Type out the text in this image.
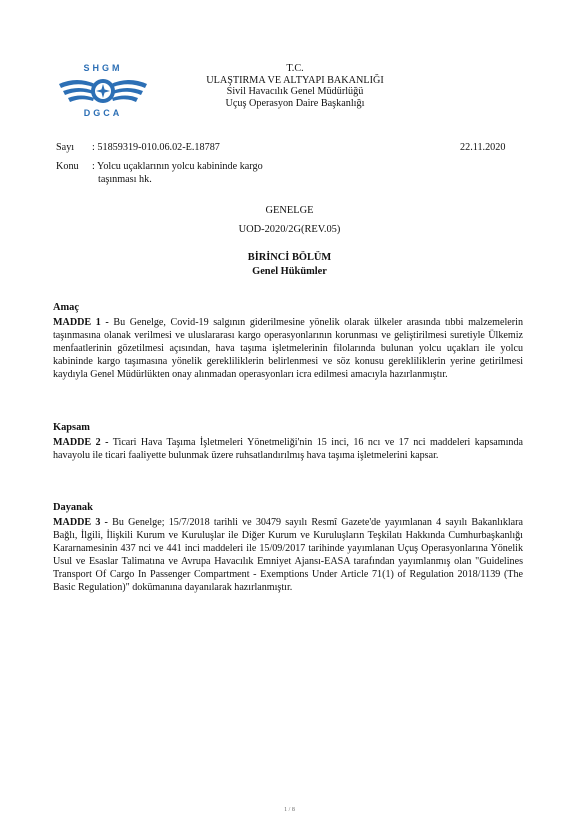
SHGM
DGCA
T.C.
ULAŞTIRMA VE ALTYAPI BAKANLIĞI
Sivil Havacılık Genel Müdürlüğü
Uçuş Operasyon Daire Başkanlığı
Sayı : 51859319-010.06.02-E.18787	22.11.2020
Konu : Yolcu uçaklarının yolcu kabininde kargo
taşınması hk.
GENELGE
UOD-2020/2G(REV.05)
BİRİNCİ BÖLÜM
Genel Hükümler
Amaç
MADDE 1 - Bu Genelge, Covid-19 salgının giderilmesine yönelik olarak ülkeler arasında tıbbi malzemelerin taşınmasına olanak verilmesi ve uluslararası kargo operasyonlarının korunması ve geliştirilmesi suretiyle Ülkemiz menfaatlerinin gözetilmesi açısından, hava taşıma işletmelerinin filolarında bulunan yolcu uçakları ile yolcu kabininde kargo taşımasına yönelik gerekliliklerin belirlenmesi ve söz konusu gerekliliklerin yerine getirilmesi kaydıyla Genel Müdürlükten onay alınmadan operasyonları icra edilmesi amacıyla hazırlanmıştır.
Kapsam
MADDE 2 - Ticari Hava Taşıma İşletmeleri Yönetmeliği'nin 15 inci, 16 ncı ve 17 nci maddeleri kapsamında havayolu ile ticari faaliyette bulunmak üzere ruhsatlandırılmış hava taşıma işletmelerini kapsar.
Dayanak
MADDE 3 - Bu Genelge; 15/7/2018 tarihli ve 30479 sayılı Resmî Gazete'de yayımlanan 4 sayılı Bakanlıklara Bağlı, İlgili, İlişkili Kurum ve Kuruluşlar ile Diğer Kurum ve Kuruluşların Teşkilatı Hakkında Cumhurbaşkanlığı Kararnamesinin 437 nci ve 441 inci maddeleri ile 15/09/2017 tarihinde yayımlanan Uçuş Operasyonlarına Yönelik Usul ve Esaslar Talimatına ve Avrupa Havacılık Emniyet Ajansı-EASA tarafından yayımlanmış olan "Guidelines Transport Of Cargo In Passenger Compartment - Exemptions Under Article 71(1) of Regulation 2018/1139 (The Basic Regulation)" dokümanına dayanılarak hazırlanmıştır.
1 / 8
